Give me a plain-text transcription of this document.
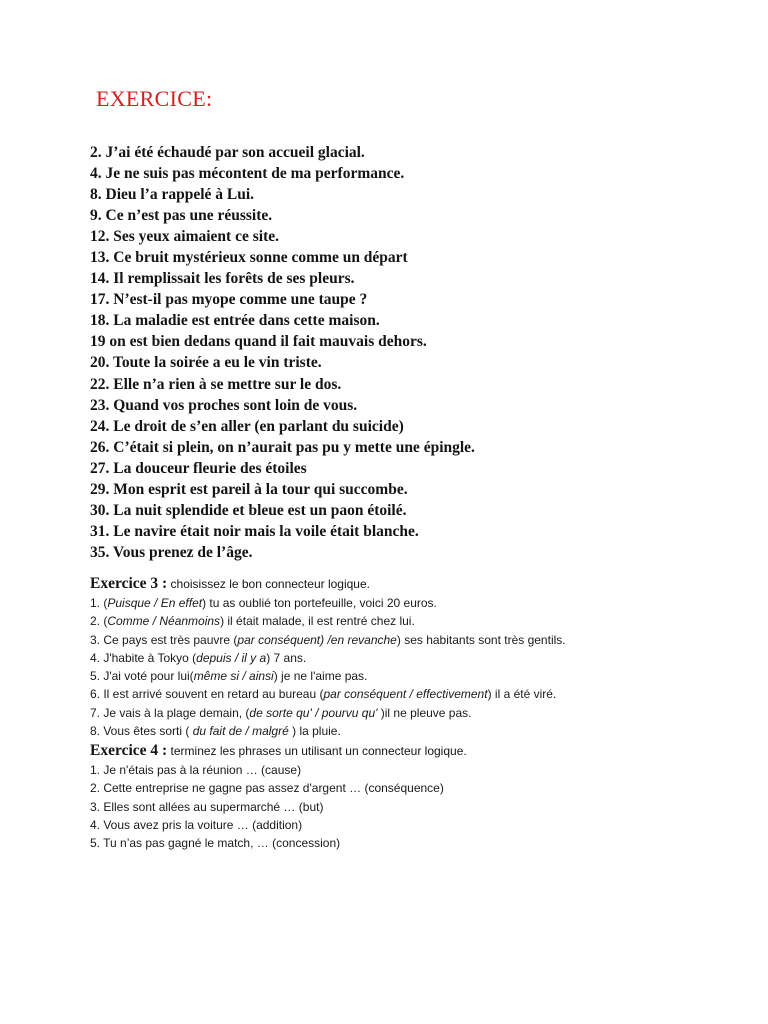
EXERCICE:
2. J’ai été échaudé par son accueil glacial.
4. Je ne suis pas mécontent de ma performance.
8. Dieu l’a rappelé à Lui.
9. Ce n’est pas une réussite.
12. Ses yeux aimaient ce site.
13. Ce bruit mystérieux sonne comme un départ
14. Il remplissait les forêts de ses pleurs.
17. N’est-il pas myope comme une taupe ?
18. La maladie est entrée dans cette maison.
19 on est bien dedans quand il fait mauvais dehors.
20. Toute la soirée a eu le vin triste.
22. Elle n’a rien à se mettre sur le dos.
23. Quand vos proches sont loin de vous.
24. Le droit de s’en aller (en parlant du suicide)
26. C’était si plein, on n’aurait pas pu y mette une épingle.
27. La douceur fleurie des étoiles
29. Mon esprit est pareil à la tour qui succombe.
30. La nuit splendide et bleue est un paon étoilé.
31. Le navire était noir mais la voile était blanche.
35. Vous prenez de l’âge.
Exercice 3 : choisissez le bon connecteur logique.
1. (Puisque / En effet) tu as oublié ton portefeuille, voici 20 euros.
2. (Comme / Néanmoins) il était malade, il est rentré chez lui.
3. Ce pays est très pauvre (par conséquent) /en revanche) ses habitants sont très gentils.
4. J'habite à Tokyo (depuis / il y a) 7 ans.
5. J'ai voté pour lui(même si / ainsi) je ne l'aime pas.
6. Il est arrivé souvent en retard au bureau (par conséquent / effectivement) il a été viré.
7. Je vais à la plage demain, (de sorte qu' / pourvu qu' )il ne pleuve pas.
8. Vous êtes sorti ( du fait de / malgré ) la pluie.
Exercice 4 : terminez les phrases un utilisant un connecteur logique.
1. Je n'étais pas à la réunion … (cause)
2. Cette entreprise ne gagne pas assez d'argent … (conséquence)
3. Elles sont allées au supermarché … (but)
4. Vous avez pris la voiture … (addition)
5. Tu n’as pas gagné le match, … (concession)
